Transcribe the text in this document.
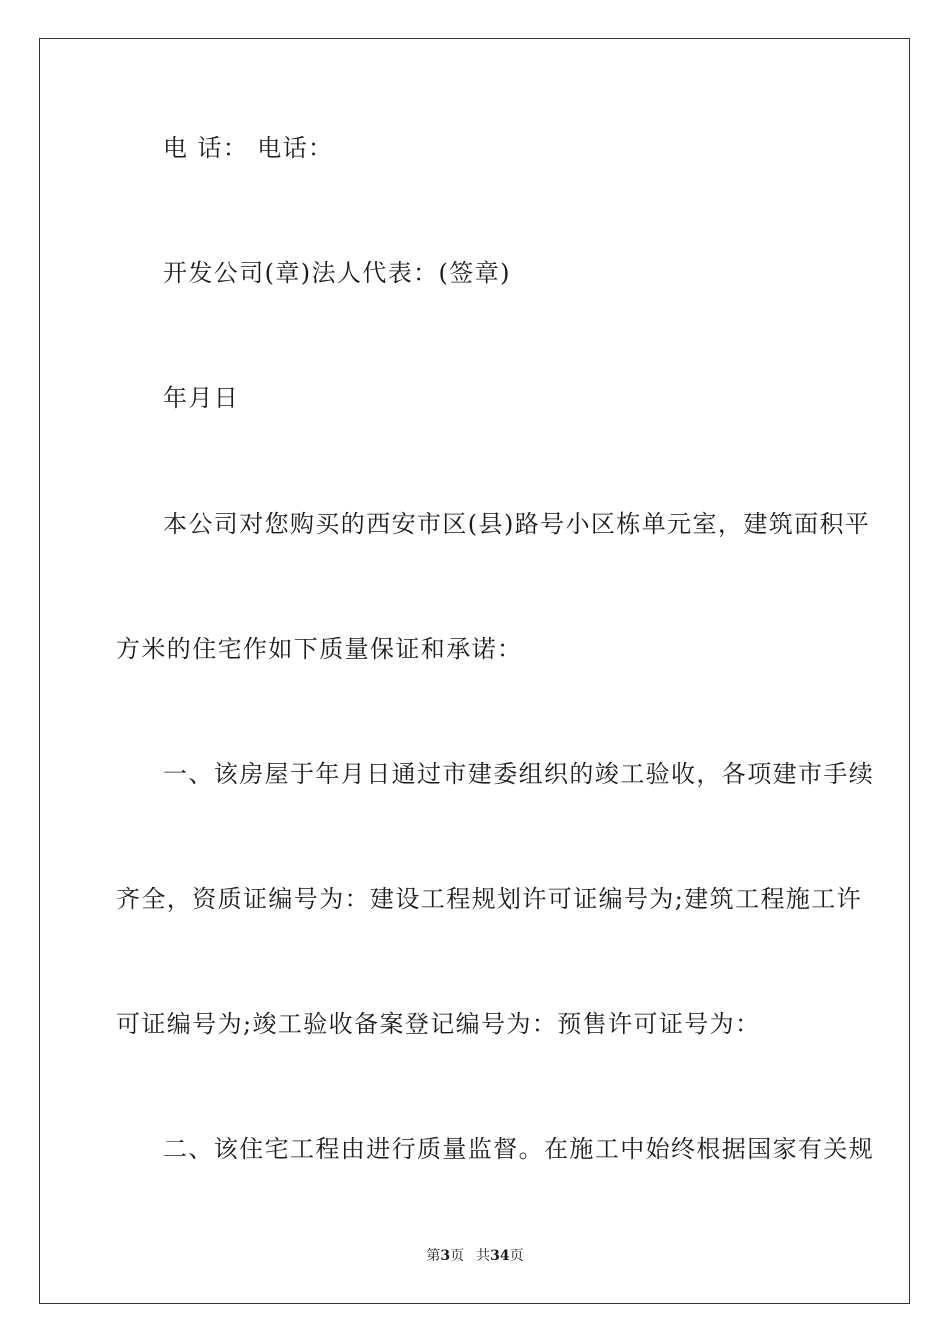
电 话： 电话：
开发公司(章)法人代表：(签章)
年月日
本公司对您购买的西安市区(县)路号小区栋单元室，建筑面积平
方米的住宅作如下质量保证和承诺：
一、该房屋于年月日通过市建委组织的竣工验收，各项建市手续
齐全，资质证编号为：建设工程规划许可证编号为;建筑工程施工许
可证编号为;竣工验收备案登记编号为：预售许可证号为：
二、该住宅工程由进行质量监督。在施工中始终根据国家有关规
第3页 共34页
